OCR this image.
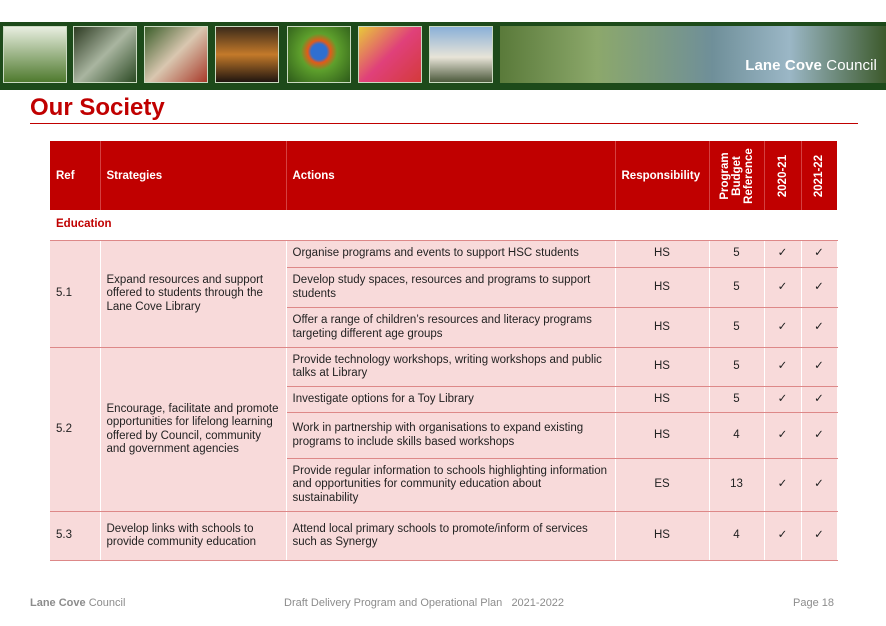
Lane Cove Council
Our Society
Ref	Strategies	Actions	Responsibility	Program
Budget
Reference	2020-21	2021-22

Education						
5.1	Expand resources and support offered to students through the Lane Cove Library	Organise programs and events to support HSC students	HS	5	✓	✓
		Develop study spaces, resources and programs to support students	HS	5	✓	✓
		Offer a range of children’s resources and literacy programs targeting different age groups	HS	5	✓	✓
5.2	Encourage, facilitate and promote opportunities for lifelong learning offered by Council, community and government agencies	Provide technology workshops, writing workshops and public talks at Library	HS	5	✓	✓
		Investigate options for a Toy Library	HS	5	✓	✓
		Work in partnership with organisations to expand existing programs to include skills based workshops	HS	4	✓	✓
		Provide regular information to schools highlighting information and opportunities for community education about sustainability	ES	13	✓	✓
5.3	Develop links with schools to provide community education	Attend local primary schools to promote/inform of services such as Synergy	HS	4	✓	✓
Lane Cove Council	Draft Delivery Program and Operational Plan 2021-2022	Page 18
